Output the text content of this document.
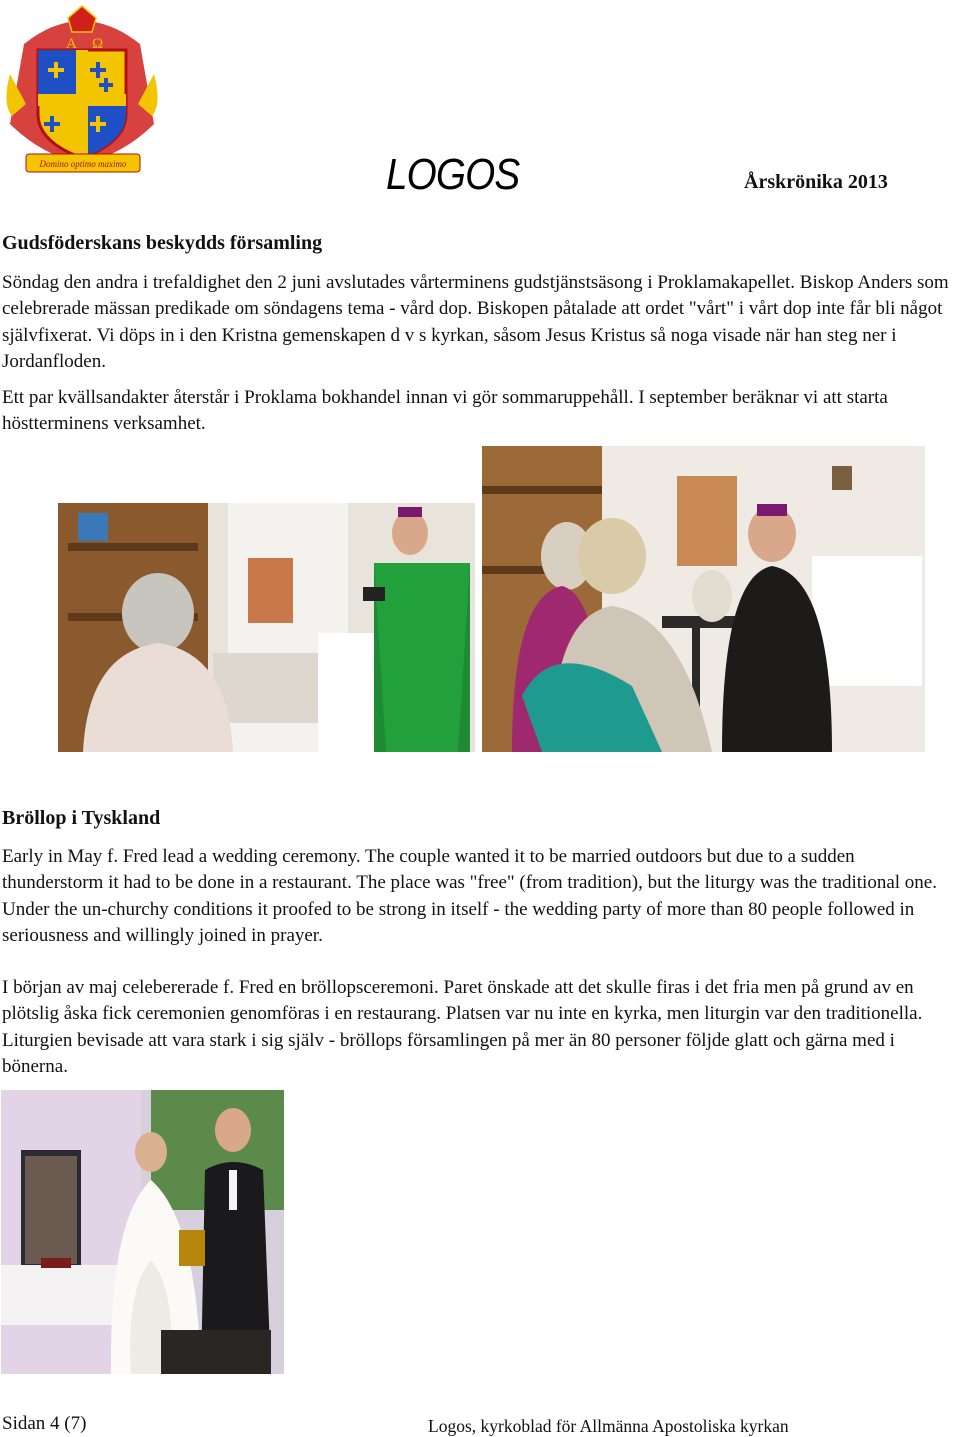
Domino optimo maximo
A Ω
LOGOS	Årskrönika 2013
Gudsföderskans beskydds församling
Söndag den andra i trefaldighet den 2 juni avslutades vårterminens gudstjänstsäsong i Proklamakapellet. Biskop Anders som celebrerade mässan predikade om söndagens tema - vård dop. Biskopen påtalade att ordet "vårt" i vårt dop inte får bli något självfixerat. Vi döps in i den Kristna gemenskapen d v s kyrkan, såsom Jesus Kristus så noga visade när han steg ner i Jordanfloden.
Ett par kvällsandakter återstår i Proklama bokhandel innan vi gör sommaruppehåll. I september beräknar vi att starta höstterminens verksamhet.
Bröllop i Tyskland
Early in May f. Fred lead a wedding ceremony. The couple wanted it to be married outdoors but due to a sudden thunderstorm it had to be done in a restaurant. The place was "free" (from tradition), but the liturgy was the traditional one. Under the un-churchy conditions it proofed to be strong in itself - the wedding party of more than 80 people followed in seriousness and willingly joined in prayer.
I början av maj celebererade f. Fred en bröllopsceremoni. Paret önskade att det skulle firas i det fria men på grund av en plötslig åska fick ceremonien genomföras i en restaurang. Platsen var nu inte en kyrka, men liturgin var den traditionella. Liturgien bevisade att vara stark i sig själv - bröllops församlingen på mer än 80 personer följde glatt och gärna med i bönerna.
Sidan 4 (7)	Logos, kyrkoblad för Allmänna Apostoliska kyrkan
